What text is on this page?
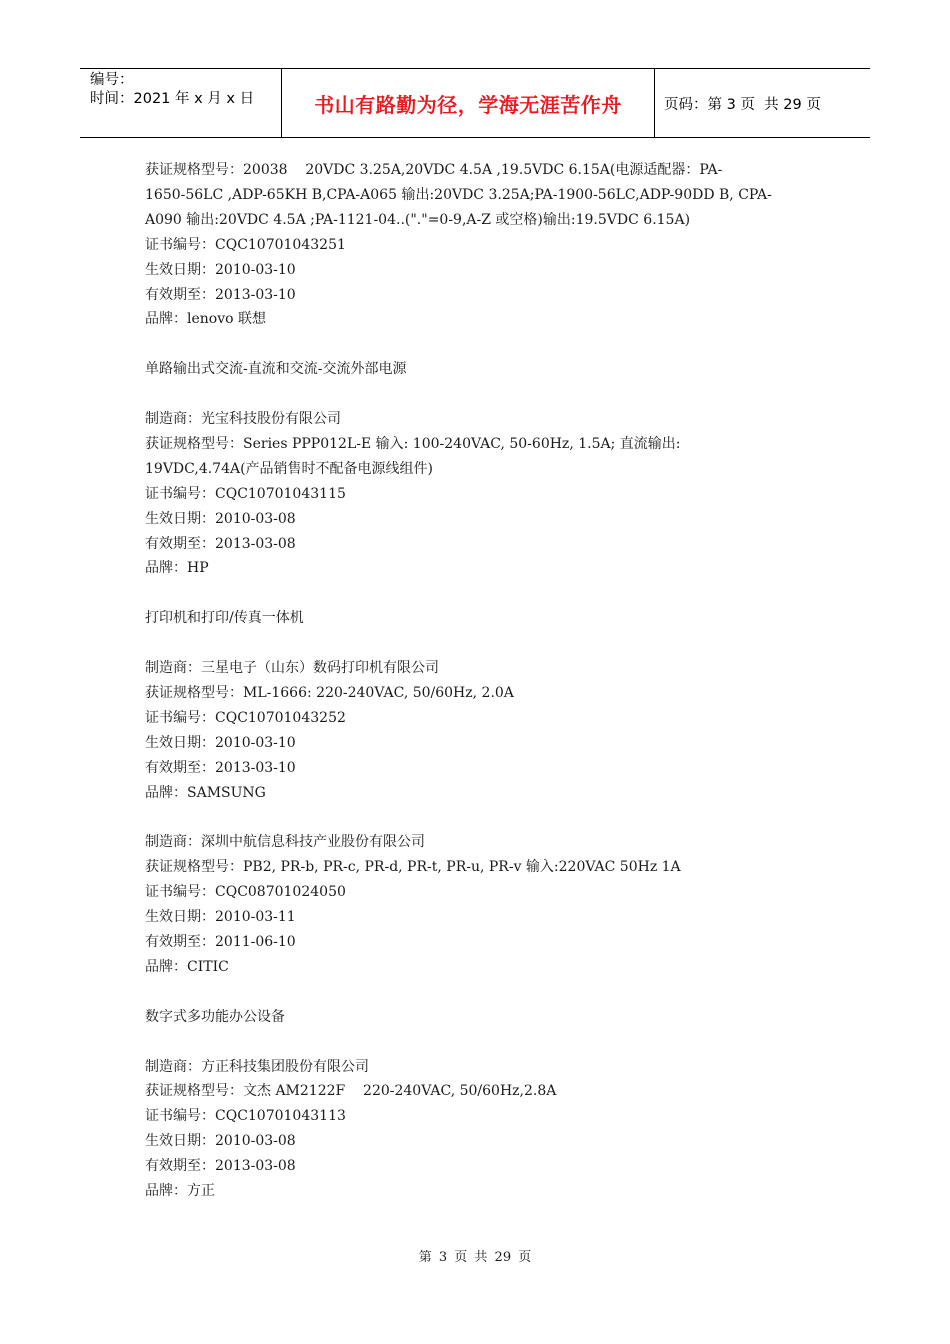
编号：
时间：2021 年 x 月 x 日	书山有路勤为径，学海无涯苦作舟	页码：第 3 页  共 29 页

获证规格型号：20038    20VDC 3.25A,20VDC 4.5A ,19.5VDC 6.15A(电源适配器：PA-

1650-56LC ,ADP-65KH B,CPA-A065 输出:20VDC 3.25A;PA-1900-56LC,ADP-90DD B, CPA-

A090 输出:20VDC 4.5A ;PA-1121-04..("."=0-9,A-Z 或空格)输出:19.5VDC 6.15A)

证书编号：CQC10701043251

生效日期：2010-03-10

有效期至：2013-03-10

品牌：lenovo 联想

单路输出式交流-直流和交流-交流外部电源

制造商：光宝科技股份有限公司

获证规格型号：Series PPP012L-E 输入: 100-240VAC, 50-60Hz, 1.5A; 直流输出:

19VDC,4.74A(产品销售时不配备电源线组件)

证书编号：CQC10701043115

生效日期：2010-03-08

有效期至：2013-03-08

品牌：HP

打印机和打印/传真一体机

制造商：三星电子（山东）数码打印机有限公司

获证规格型号：ML-1666: 220-240VAC, 50/60Hz, 2.0A

证书编号：CQC10701043252

生效日期：2010-03-10

有效期至：2013-03-10

品牌：SAMSUNG

制造商：深圳中航信息科技产业股份有限公司

获证规格型号：PB2, PR-b, PR-c, PR-d, PR-t, PR-u, PR-v 输入:220VAC 50Hz 1A

证书编号：CQC08701024050

生效日期：2010-03-11

有效期至：2011-06-10

品牌：CITIC

数字式多功能办公设备

制造商：方正科技集团股份有限公司

获证规格型号：文杰 AM2122F    220-240VAC, 50/60Hz,2.8A

证书编号：CQC10701043113

生效日期：2010-03-08

有效期至：2013-03-08

品牌：方正

第 3 页 共 29 页
